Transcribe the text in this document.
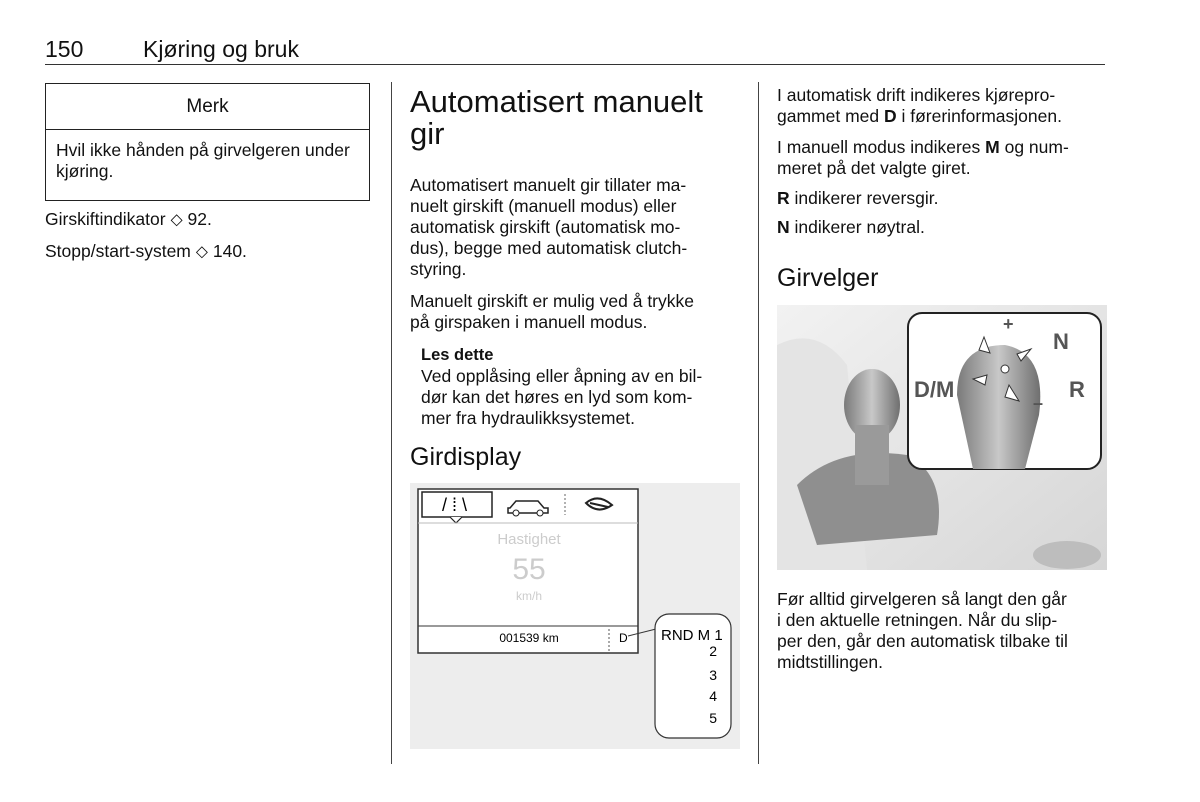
150	Kjøring og bruk
Merk
Hvil ikke hånden på girvelgeren under kjøring.
Girskiftindikator ⬦ 92.
Stopp/start-system ⬦ 140.
Automatisert manuelt
gir
Automatisert manuelt gir tillater ma-
nuelt girskift (manuell modus) eller
automatisk girskift (automatisk mo-
dus), begge med automatisk clutch-
styring.
Manuelt girskift er mulig ved å trykke
på girspaken i manuell modus.
Les dette
Ved opplåsing eller åpning av en bil-
dør kan det høres en lyd som kom-
mer fra hydraulikksystemet.
Girdisplay
/ ⁞ \
Hastighet
55
km/h
001539 km	D RND M 1
2
3
4
5
I automatisk drift indikeres kjørepro-
gammet med D i førerinformasjonen.
I manuell modus indikeres M og num-
meret på det valgte giret.
R indikerer reversgir.
N indikerer nøytral.
Girvelger
+
N
R
D/M
–
Før alltid girvelgeren så langt den går
i den aktuelle retningen. Når du slip-
per den, går den automatisk tilbake til
midtstillingen.
